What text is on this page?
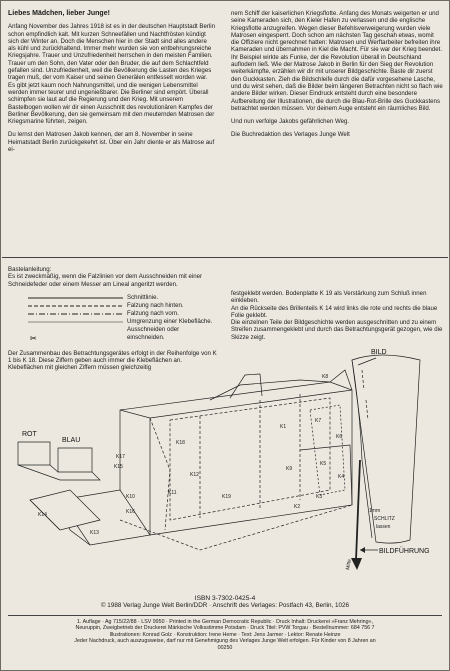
Liebes Mädchen, lieber Junge!
Anfang November des Jahres 1918 ist es in der deutschen Hauptstadt Berlin schon empfindlich kalt. Mit kurzen Schneefällen und Nachtfrösten kündigt sich der Winter an. Doch die Menschen hier in der Stadt sind alles andere als kühl und zurückhaltend. Immer mehr wurden sie von entbehrungsreiche Kriegsjahre. Trauer und Unzufriedenheit herrschen in den meisten Familien. Trauer um den Sohn, den Vater oder den Bruder, die auf dem Schlachtfeld gefallen sind. Unzufriedenheit, weil die Bevölkerung die Lasten des Krieges tragen muß, der vom Kaiser und seinen Generälen entfesselt worden war. Es gibt jetzt kaum noch Nahrungsmittel, und die wenigen Lebensmittel werden immer teurer und ungenießbarer. Die Berliner sind empört. Überall schimpfen sie laut auf die Regierung und den Krieg. Mit unserem Bastelbogen wollen wir dir einen Ausschnitt des revolutionären Kampfes der Berliner Bevölkerung, den sie gemeinsam mit den meuternden Matrosen der Kriegsmarine führten, zeigen.
Du lernst den Matrosen Jakob kennen, der am 8. November in seine Heimatstadt Berlin zurückgekehrt ist. Über ein Jahr diente er als Matrose auf ei-
nem Schiff der kaiserlichen Kriegsflotte. Anfang des Monats weigerten er und seine Kameraden sich, den Kieler Hafen zu verlassen und die englische Kriegsflotte anzugreifen. Wegen dieser Befehlsverweigerung wurden viele Matrosen eingesperrt. Doch schon am nächsten Tag geschah etwas, womit die Offiziere nicht gerechnet hatten: Matrosen und Werftarbeiter befreiten ihre Kameraden und übernahmen in Kiel die Macht. Für sie war der Krieg beendet. Ihr Beispiel wirkte als Funke, der die Revolution überall in Deutschland auflodern ließ. Wie der Matrose Jakob in Berlin für den Sieg der Revolution weiterkämpfte, erzählen wir dir mit unserer Bildgeschichte. Baste dir zuerst den Guckkasten. Zieh die Bildschleife durch die dafür vorgesehene Lasche, und du wirst sehen, daß die Bilder beim längeren Betrachten nicht so flach wie andere Bilder wirken. Dieser Eindruck entsteht durch eine besondere Aufbereitung der Illustrationen, die durch die Blau-Rot-Brille des Guckkastens betrachtet werden müssen. Vor deinem Auge entsteht ein räumliches Bild.
Und nun verfolge Jakobs gefährlichen Weg.
Die Buchredaktion des Verlages Junge Welt
Bastelanleitung:
Es ist zweckmäßig, wenn die Falzlinien vor dem Ausschneiden mit einer Schneidefeder oder einem Messer am Lineal angeritzt werden.
Schnittlinie.
Falzung nach hinten.
Falzung nach vorn.
Umgrenzung einer Klebefläche.
Ausschneiden oder
✂	einschneiden.
Der Zusammenbau des Betrachtungsgerätes erfolgt in der Reihenfolge von K 1 bis K 18. Diese Ziffern geben auch immer die Klebeflächen an. Klebeflächen mit gleichen Ziffern müssen gleichzeitig
festgeklebt werden. Bodenplatte K 19 als Verstärkung zum Schluß innen einkleben.
An die Rückseite des Brillenteils K 14 wird links die rote und rechts die blaue Folie geklebt.
Die einzelnen Teile der Bildgeschichte werden ausgeschnitten und zu einem Streifen zusammengeklebt und durch das Betrachtungsgerät gezogen, wie die Skizze zeigt.
ROT
BLAU
BILD
BILDFÜHRUNG
1mm
SCHLITZ
lassen
Mitte
K8
K7
K6
K5
K4
K3
K2
K1
K9
K10
K11
K12
K13
K14
K15
K16
K17
K18
K19
ISBN 3-7302-0425-4
© 1988 Verlag Junge Welt Berlin/DDR · Anschrift des Verlages: Postfach 43, Berlin, 1026
1. Auflage · Ag 715/22/88 · LSV 9950 · Printed in the German Democratic Republic · Druck Inhalt: Druckerei »Franz Mehring«,
Neuruppin, Zweigbetrieb der Druckerei Märkische Volksstimme Potsdam · Druck Titel: PVW Torgau · Bestellnummer: 684 756 7
Illustrationen: Konrad Golz · Konstruktion: Irene Heme · Text: Jens Jarmer · Lektor: Renate Heinze
Jeder Nachdruck, auch auszugsweise, darf nur mit Genehmigung des Verlages Junge Welt erfolgen. Für Kinder von 8 Jahren an
00250
